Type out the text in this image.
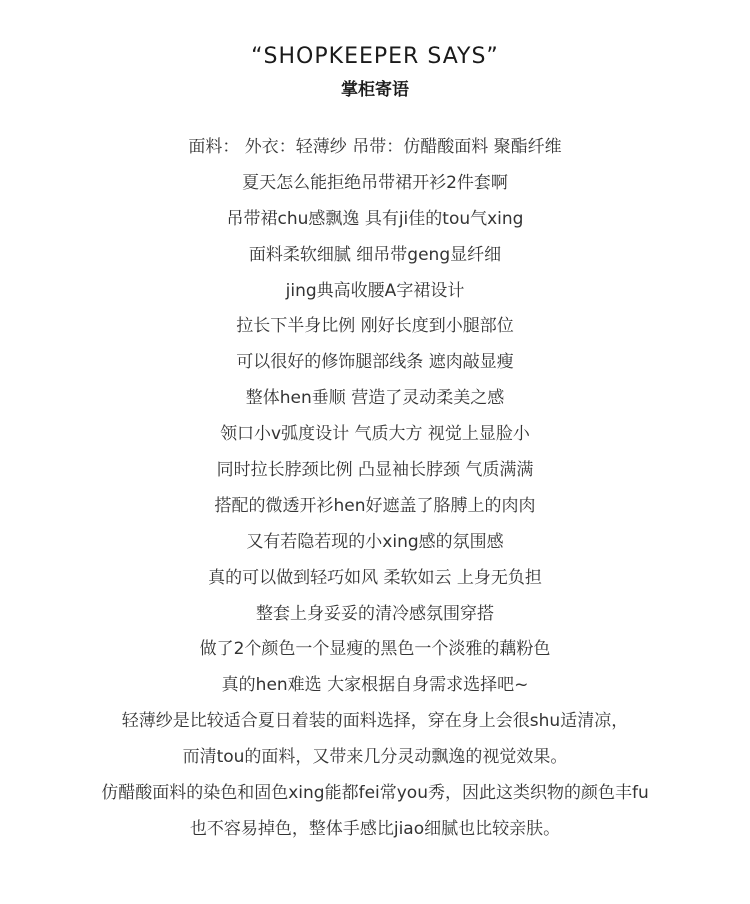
“SHOPKEEPER SAYS”
掌柜寄语
面料： 外衣：轻薄纱 吊带：仿醋酸面料 聚酯纤维
夏天怎么能拒绝吊带裙开衫2件套啊
吊带裙chu感飘逸 具有ji佳的tou气xing
面料柔软细腻 细吊带geng显纤细
jing典高收腰A字裙设计
拉长下半身比例 刚好长度到小腿部位
可以很好的修饰腿部线条 遮肉敲显瘦
整体hen垂顺 营造了灵动柔美之感
领口小v弧度设计 气质大方 视觉上显脸小
同时拉长脖颈比例 凸显袖长脖颈 气质满满
搭配的微透开衫hen好遮盖了胳膊上的肉肉
又有若隐若现的小xing感的氛围感
真的可以做到轻巧如风 柔软如云 上身无负担
整套上身妥妥的清冷感氛围穿搭
做了2个颜色一个显瘦的黑色一个淡雅的藕粉色
真的hen难选 大家根据自身需求选择吧~
轻薄纱是比较适合夏日着装的面料选择，穿在身上会很shu适清凉，
而清tou的面料，又带来几分灵动飘逸的视觉效果。
仿醋酸面料的染色和固色xing能都fei常you秀，因此这类织物的颜色丰fu
也不容易掉色，整体手感比jiao细腻也比较亲肤。
